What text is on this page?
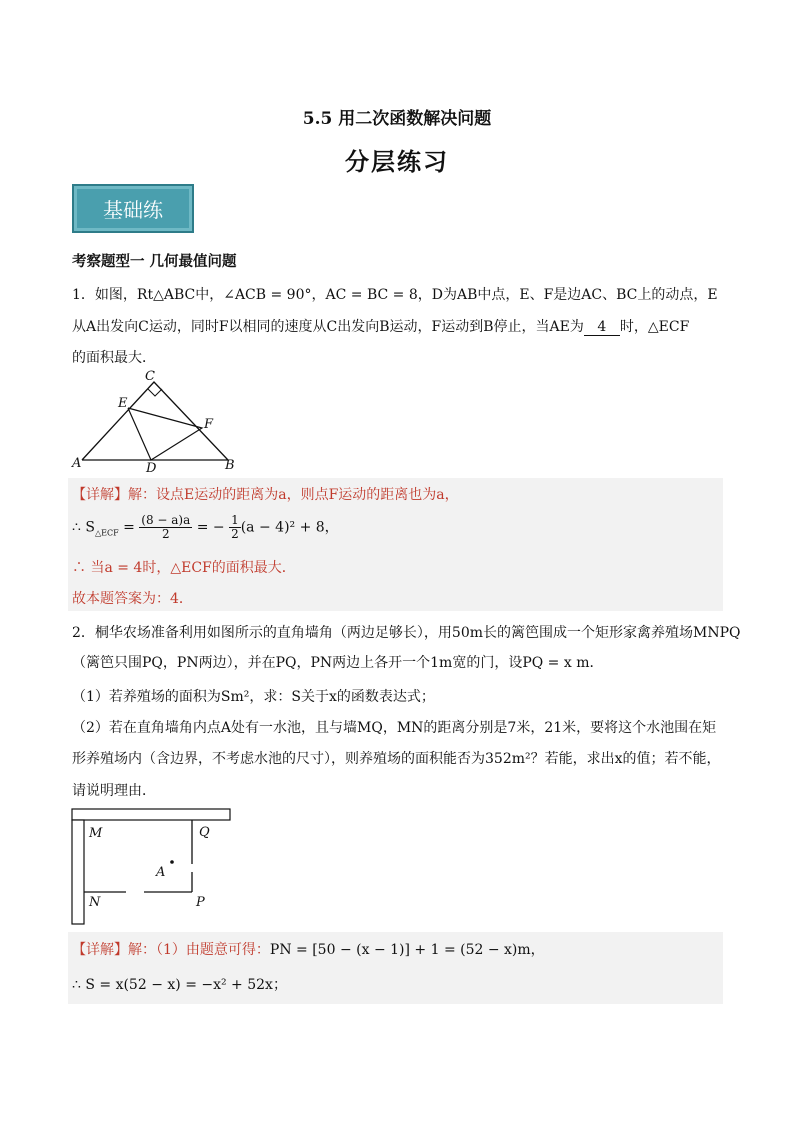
5.5 用二次函数解决问题
分层练习
基础练
考察题型一 几何最值问题
1．如图，Rt△ABC中，∠ACB = 90°，AC = BC = 8，D为AB中点，E、F是边AC、BC上的动点，E
从A出发向C运动，同时F以相同的速度从C出发向B运动，F运动到B停止，当AE为 4 时，△ECF
的面积最大．
A	B
C
D
E
F
【详解】解：设点E运动的距离为a，则点F运动的距离也为a，
∴ $S_{\triangle ECF} = \frac{(8 - a)a}{2}$ = − $\frac{1}{2} (a - 4)^2 + 8$，
∴ 当a = 4时，△ECF的面积最大．
故本题答案为：4．
2．桐华农场准备利用如图所示的直角墙角（两边足够长），用50m长的篱笆围成一个矩形家禽养殖场MNPQ
（篱笆只围PQ，PN两边），并在PQ，PN两边上各开一个1m宽的门，设PQ = x m．
（1）若养殖场的面积为Sm²，求：S关于x的函数表达式；
（2）若在直角墙角内点A处有一水池，且与墙MQ，MN的距离分别是7米，21米，要将这个水池围在矩
形养殖场内（含边界，不考虑水池的尺寸），则养殖场的面积能否为352m²？若能，求出x的值；若不能，
请说明理由．
M	Q
A
N	P
【详解】解：（1）由题意可得：PN = [50 − (x − 1)] + 1 = (52 − x)m，
∴ S = x(52 − x) = −x² + 52x；
